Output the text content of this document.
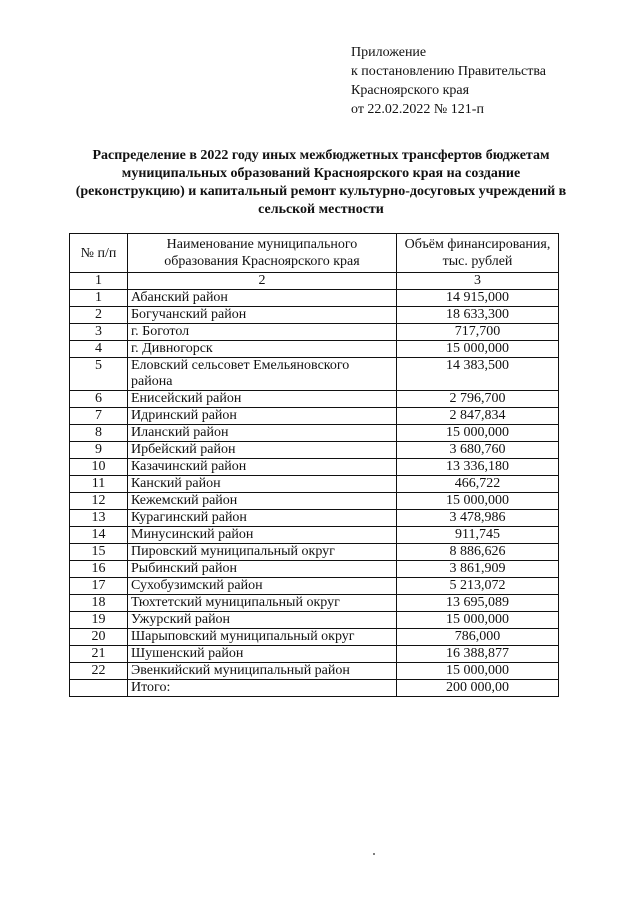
Приложение
к постановлению Правительства
Красноярского края
от 22.02.2022 № 121-п
Распределение в 2022 году иных межбюджетных трансфертов бюджетам муниципальных образований Красноярского края на создание (реконструкцию) и капитальный ремонт культурно-досуговых учреждений в сельской местности
№ п/п	Наименование муниципального образования Красноярского края	Объём финансирования, тыс. рублей
1	2	3
1	Абанский район	14 915,000
2	Богучанский район	18 633,300
3	г. Боготол	717,700
4	г. Дивногорск	15 000,000
5	Еловский сельсовет Емельяновского района	14 383,500
6	Енисейский район	2 796,700
7	Идринский район	2 847,834
8	Иланский район	15 000,000
9	Ирбейский район	3 680,760
10	Казачинский район	13 336,180
11	Канский район	466,722
12	Кежемский район	15 000,000
13	Курагинский район	3 478,986
14	Минусинский район	911,745
15	Пировский муниципальный округ	8 886,626
16	Рыбинский район	3 861,909
17	Сухобузимский район	5 213,072
18	Тюхтетский муниципальный округ	13 695,089
19	Ужурский район	15 000,000
20	Шарыповский муниципальный округ	786,000
21	Шушенский район	16 388,877
22	Эвенкийский муниципальный район	15 000,000
	Итого:	200 000,00
